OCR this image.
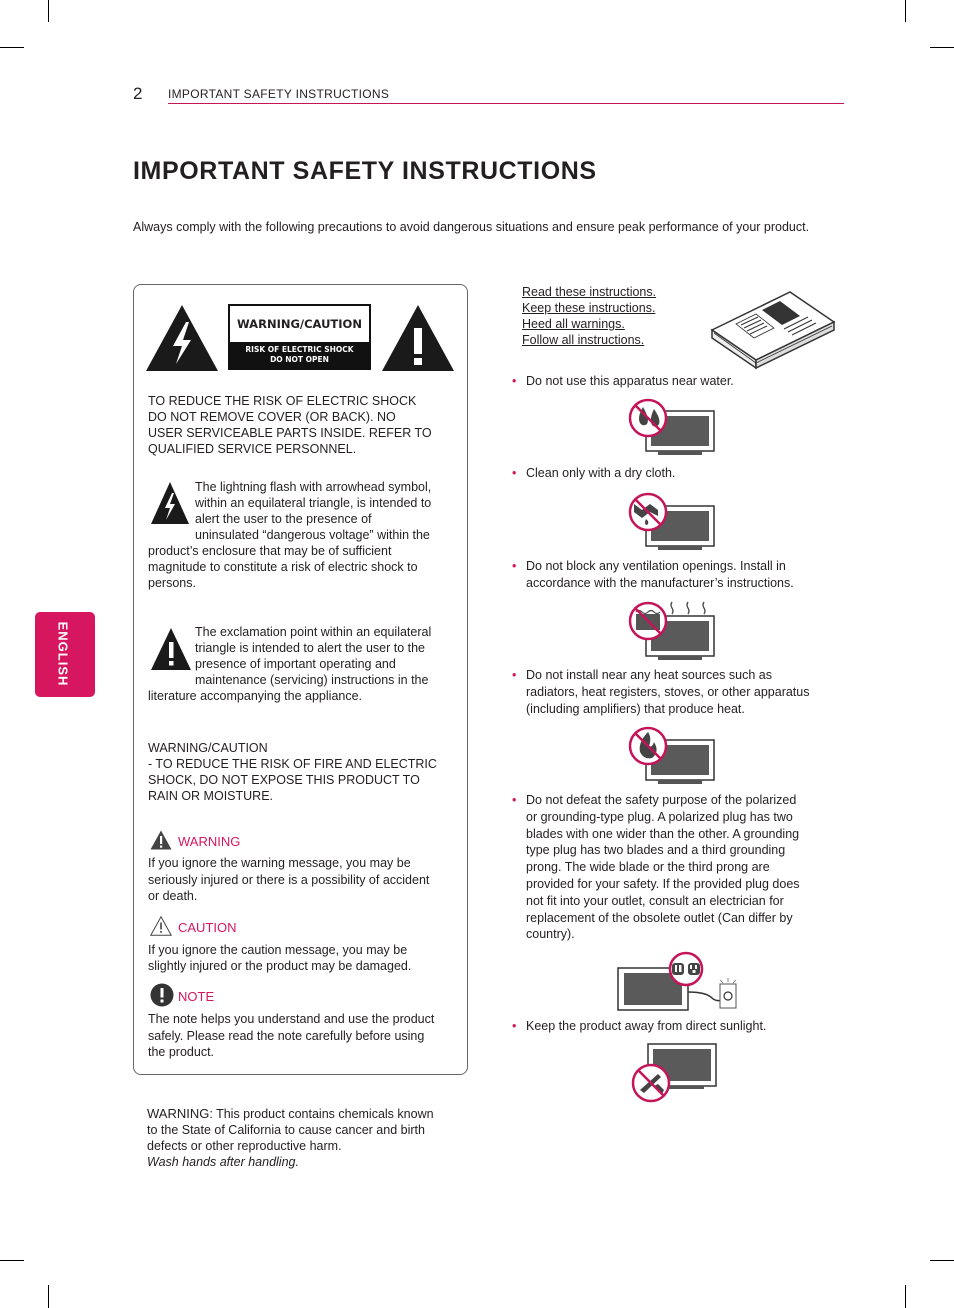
2 IMPORTANT SAFETY INSTRUCTIONS
IMPORTANT SAFETY INSTRUCTIONS
Always comply with the following precautions to avoid dangerous situations and ensure peak performance of your product.
ENGLISH
WARNING/CAUTION
RISK OF ELECTRIC SHOCK
DO NOT OPEN
TO REDUCE THE RISK OF ELECTRIC SHOCK
DO NOT REMOVE COVER (OR BACK). NO
USER SERVICEABLE PARTS INSIDE. REFER TO
QUALIFIED SERVICE PERSONNEL.
The lightning flash with arrowhead symbol,
within an equilateral triangle, is intended to
alert the user to the presence of
uninsulated “dangerous voltage” within the
product’s enclosure that may be of sufficient
magnitude to constitute a risk of electric shock to
persons.
The exclamation point within an equilateral
triangle is intended to alert the user to the
presence of important operating and
maintenance (servicing) instructions in the
literature accompanying the appliance.
WARNING/CAUTION
- TO REDUCE THE RISK OF FIRE AND ELECTRIC
SHOCK, DO NOT EXPOSE THIS PRODUCT TO
RAIN OR MOISTURE.
WARNING
If you ignore the warning message, you may be
seriously injured or there is a possibility of accident
or death.
CAUTION
If you ignore the caution message, you may be
slightly injured or the product may be damaged.
NOTE
The note helps you understand and use the product
safely. Please read the note carefully before using
the product.
WARNING: This product contains chemicals known
to the State of California to cause cancer and birth
defects or other reproductive harm.
Wash hands after handling.
Read these instructions.
Keep these instructions.
Heed all warnings.
Follow all instructions.
• Do not use this apparatus near water.
• Clean only with a dry cloth.
• Do not block any ventilation openings. Install in
accordance with the manufacturer’s instructions.
• Do not install near any heat sources such as
radiators, heat registers, stoves, or other apparatus
(including amplifiers) that produce heat.
• Do not defeat the safety purpose of the polarized
or grounding-type plug. A polarized plug has two
blades with one wider than the other. A grounding
type plug has two blades and a third grounding
prong. The wide blade or the third prong are
provided for your safety. If the provided plug does
not fit into your outlet, consult an electrician for
replacement of the obsolete outlet (Can differ by
country).
• Keep the product away from direct sunlight.
